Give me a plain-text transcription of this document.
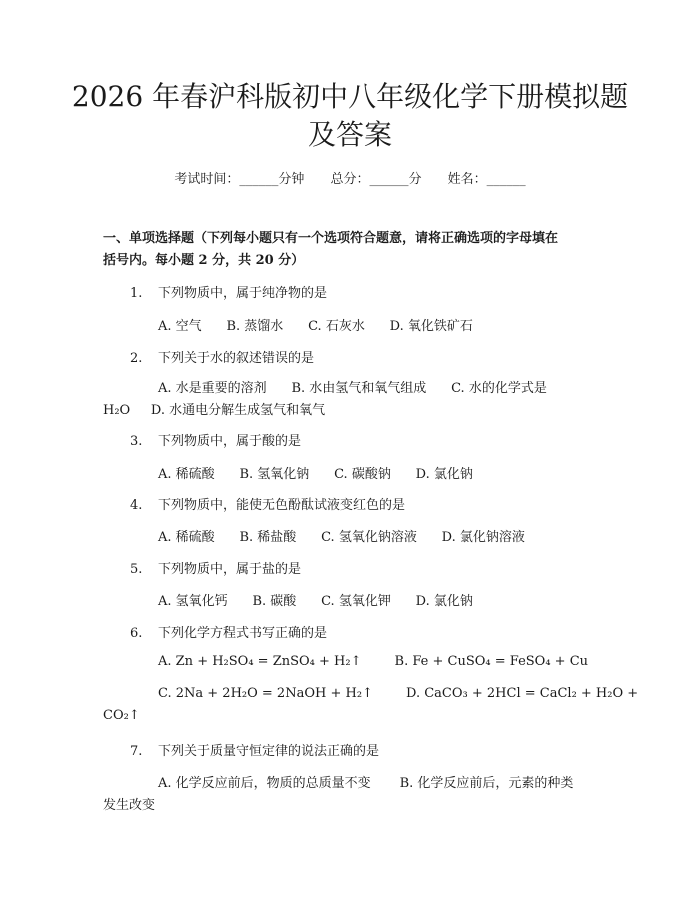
2026 年春沪科版初中八年级化学下册模拟题
及答案
考试时间：______分钟 总分：______分 姓名：______
一、单项选择题（下列每小题只有一个选项符合题意，请将正确选项的字母填在
括号内。每小题 2 分，共 20 分）
1. 下列物质中，属于纯净物的是
A. 空气 B. 蒸馏水 C. 石灰水 D. 氧化铁矿石
2. 下列关于水的叙述错误的是
A. 水是重要的溶剂 B. 水由氢气和氧气组成 C. 水的化学式是
H₂O D. 水通电分解生成氢气和氧气
3. 下列物质中，属于酸的是
A. 稀硫酸 B. 氢氧化钠 C. 碳酸钠 D. 氯化钠
4. 下列物质中，能使无色酚酞试液变红色的是
A. 稀硫酸 B. 稀盐酸 C. 氢氧化钠溶液 D. 氯化钠溶液
5. 下列物质中，属于盐的是
A. 氢氧化钙 B. 碳酸 C. 氢氧化钾 D. 氯化钠
6. 下列化学方程式书写正确的是
A. Zn + H₂SO₄ = ZnSO₄ + H₂↑	B. Fe + CuSO₄ = FeSO₄ + Cu
C. 2Na + 2H₂O = 2NaOH + H₂↑	D. CaCO₃ + 2HCl = CaCl₂ + H₂O +
CO₂↑
7. 下列关于质量守恒定律的说法正确的是
A. 化学反应前后，物质的总质量不变 B. 化学反应前后，元素的种类
发生改变
